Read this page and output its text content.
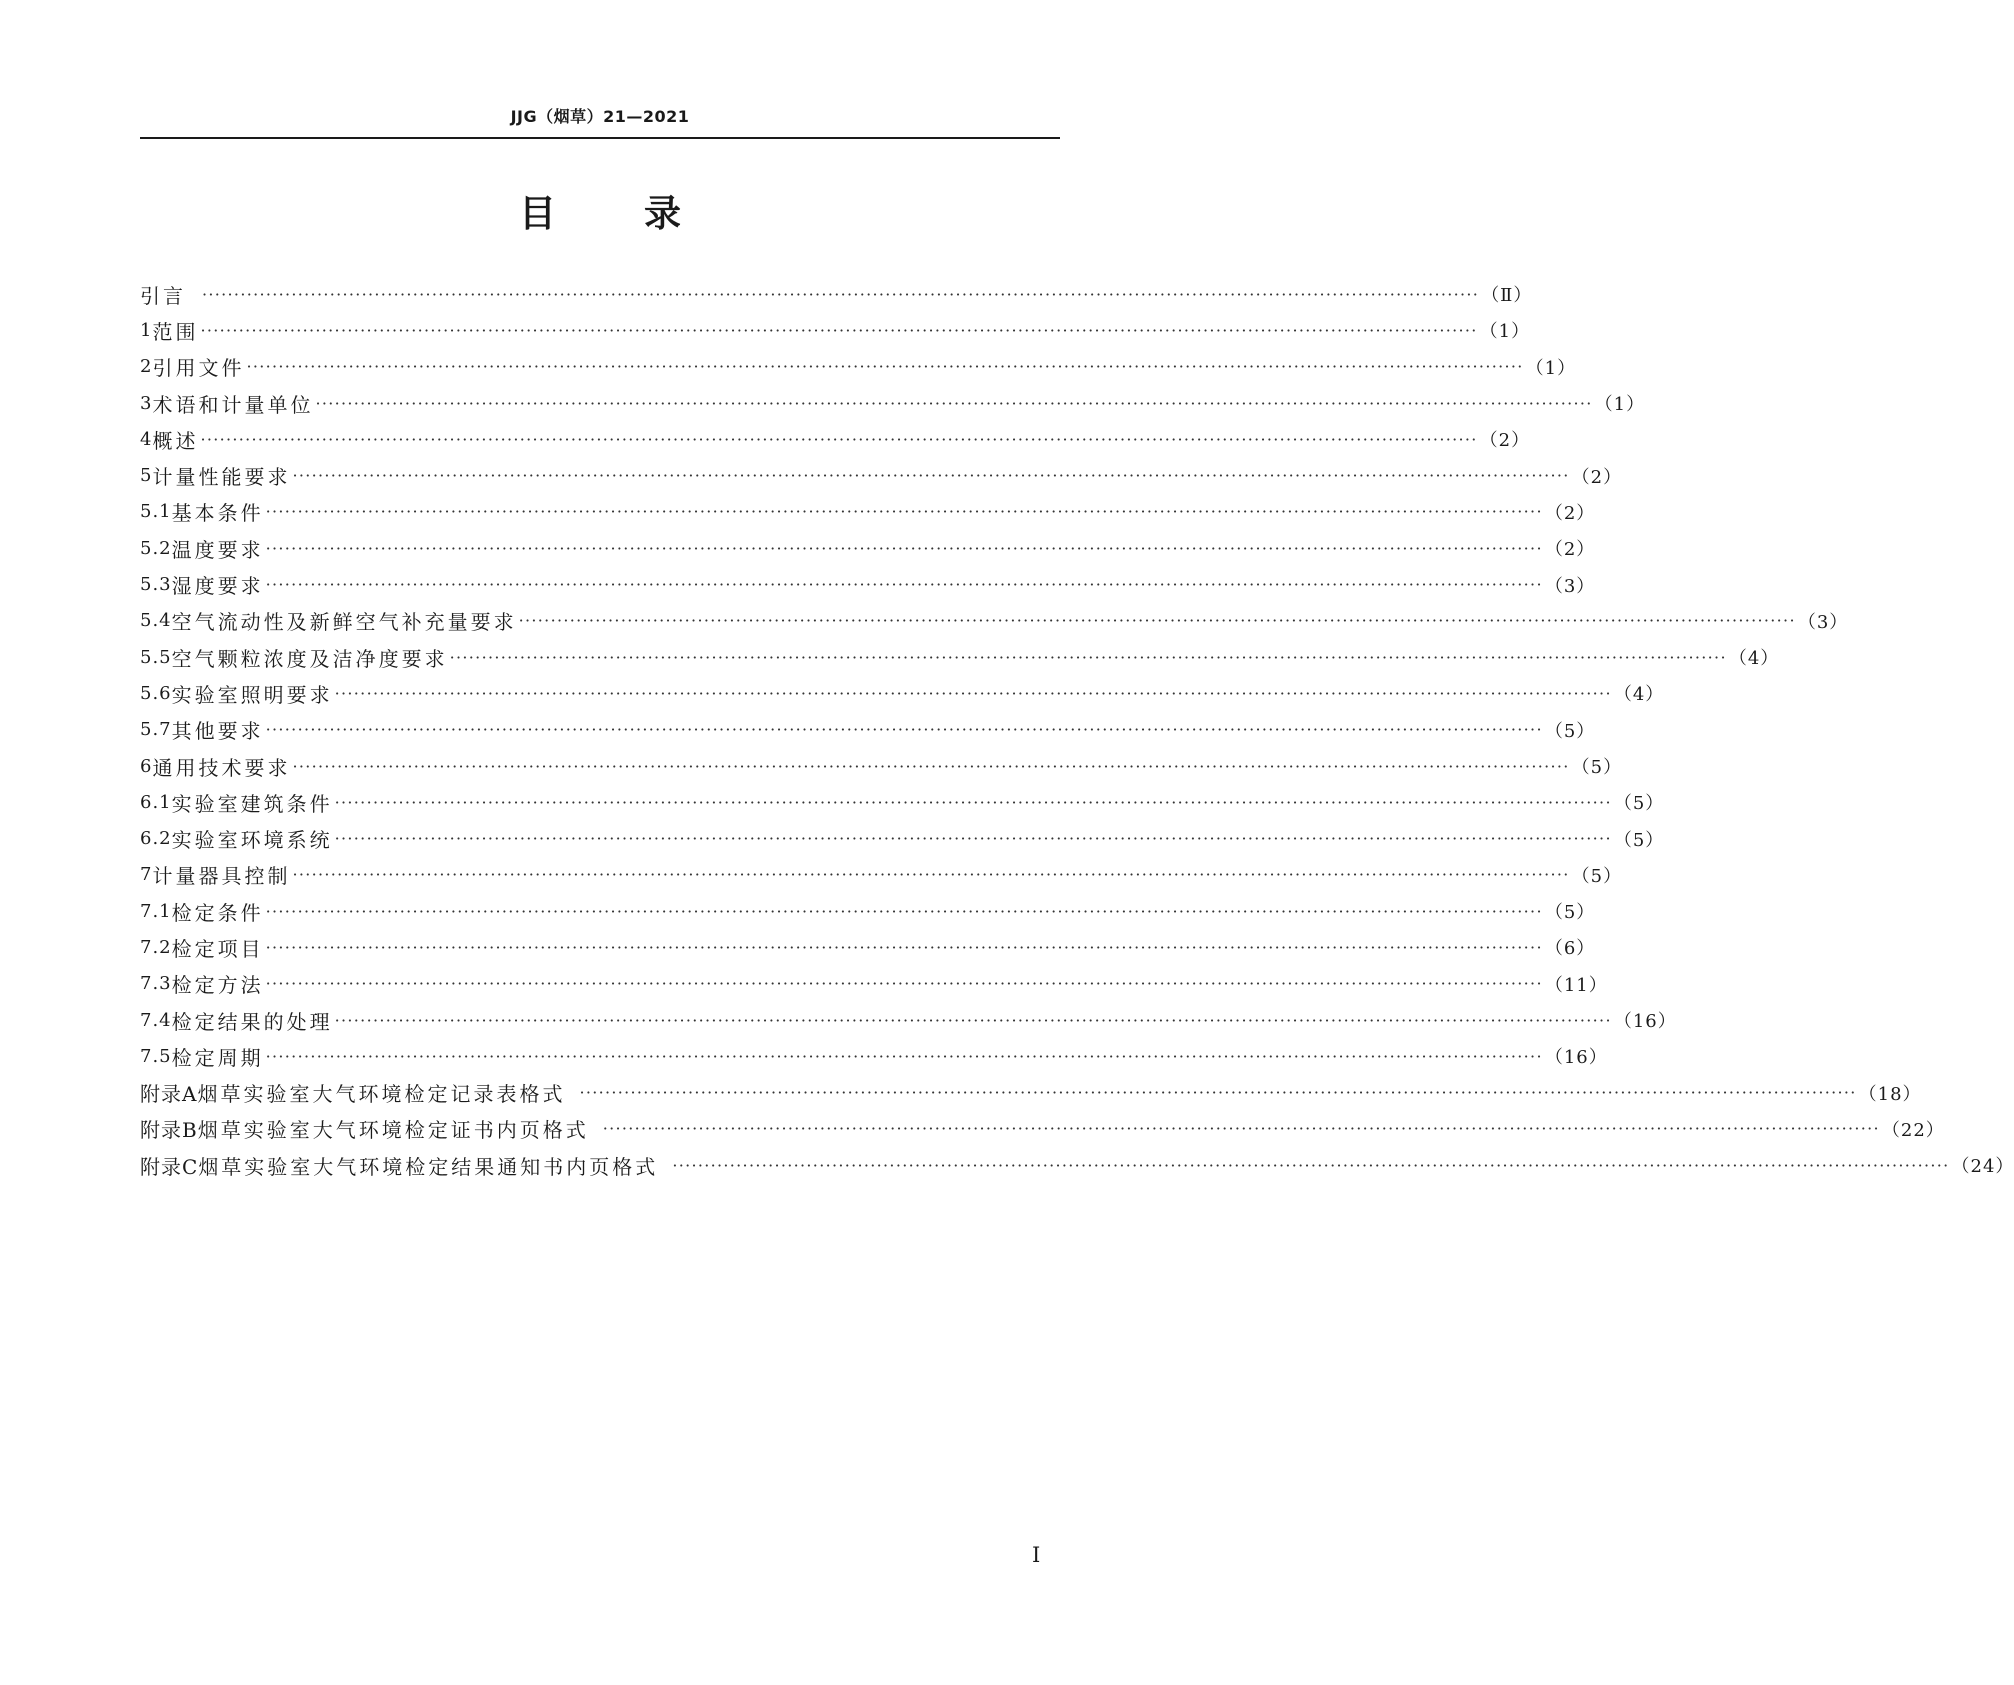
JJG（烟草）21—2021
目录
引言	········································································································································································································ （Ⅱ）
1 范围 ········································································································································································································ （1）
2 引用文件 ········································································································································································································ （1）
3 术语和计量单位 ········································································································································································································ （1）
4 概述 ········································································································································································································ （2）
5 计量性能要求 ········································································································································································································ （2）
5.1 基本条件 ········································································································································································································ （2）
5.2 温度要求 ········································································································································································································ （2）
5.3 湿度要求 ········································································································································································································ （3）
5.4 空气流动性及新鲜空气补充量要求 ········································································································································································································ （3）
5.5 空气颗粒浓度及洁净度要求 ········································································································································································································ （4）
5.6 实验室照明要求 ········································································································································································································ （4）
5.7 其他要求 ········································································································································································································ （5）
6 通用技术要求 ········································································································································································································ （5）
6.1 实验室建筑条件 ········································································································································································································ （5）
6.2 实验室环境系统 ········································································································································································································ （5）
7 计量器具控制 ········································································································································································································ （5）
7.1 检定条件 ········································································································································································································ （5）
7.2 检定项目 ········································································································································································································ （6）
7.3 检定方法 ········································································································································································································ （11）
7.4 检定结果的处理 ········································································································································································································ （16）
7.5 检定周期 ········································································································································································································ （16）
附录A 烟草实验室大气环境检定记录表格式 ········································································································································································································ （18）
附录B 烟草实验室大气环境检定证书内页格式 ········································································································································································································ （22）
附录C 烟草实验室大气环境检定结果通知书内页格式 ········································································································································································································ （24）
I
